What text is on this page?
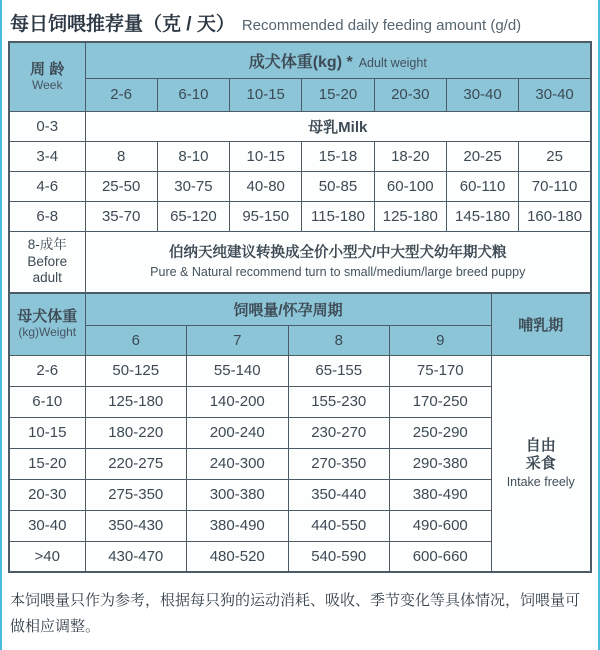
每日饲喂推荐量（克 / 天） Recommended daily feeding amount (g/d)
周 龄
Week	成犬体重(kg) * Adult weight						
	2-6	6-10	10-15	15-20	20-30	30-40	30-40
0-3	母乳Milk						
3-4	8	8-10	10-15	15-18	18-20	20-25	25
4-6	25-50	30-75	40-80	50-85	60-100	60-110	70-110
6-8	35-70	65-120	95-150	115-180	125-180	145-180	160-180

8-成年
Before
adult	伯纳天纯建议转换成全价小型犬/中大型犬幼年期犬粮
Pure & Natural recommend turn to small/medium/large breed puppy						
母犬体重
(kg)Weight	饲喂量/怀孕周期				哺乳期
	6	7	8	9	
2-6	50-125	55-140	65-155	75-170	自由
采食
Intake freely

6-10	125-180	140-200	155-230	170-250	
10-15	180-220	200-240	230-270	250-290	
15-20	220-275	240-300	270-350	290-380	
20-30	275-350	300-380	350-440	380-490	
30-40	350-430	380-490	440-550	490-600	
>40	430-470	480-520	540-590	600-660	
本饲喂量只作为参考，根据每只狗的运动消耗、吸收、季节变化等具体情况，饲喂量可做相应调整。
